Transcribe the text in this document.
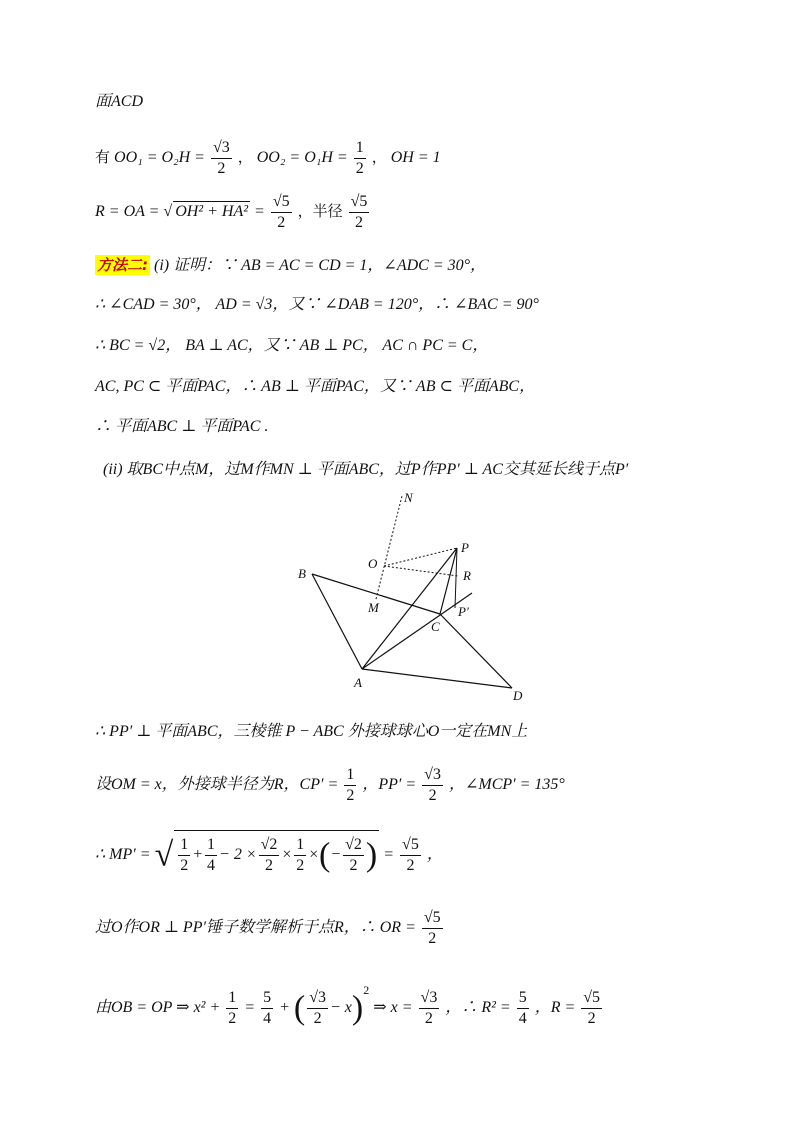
面ACD
有 $OO_1 = O_2H = \frac{√3}{2}$ ， $OO_2 = O_1H = \frac{1}{2}$ ， OH = 1
R = OA = √ $OH^2 + HA^2 = \frac{√5}{2}$ ，半径 $\frac{√5}{2}$
方法二: (i) 证明：∵ AB = AC = CD = 1，∠ADC = 30°，
∴ ∠CAD = 30°， AD = √3，又∵ ∠DAB = 120°，∴ ∠BAC = 90°
∴ BC = √2， BA ⊥ AC，又∵ AB ⊥ PC， AC ∩ PC = C，
AC, PC ⊂ 平面PAC，∴ AB ⊥ 平面PAC，又∵ AB ⊂ 平面ABC，
∴ 平面ABC ⊥ 平面PAC .
(ii) 取BC中点M，过M作MN ⊥ 平面ABC，过P作PP′ ⊥ AC交其延长线于点P′
N
O
P
R
B
M
C
P′
A
D
∴ PP′ ⊥ 平面ABC，三棱锥 P − ABC 外接球球心O一定在MN上
设OM = x，外接球半径为R，$CP' = \frac{1}{2}$ ，$PP' = \frac{√3}{2}$ ，∠MCP′ = 135°
∴ MP′ = √ $\frac{1}{2} + \frac{1}{4} - 2 \times \frac{√2}{2} \times \frac{1}{2}$ ×(− $\frac{√2}{2}$ ) = $\frac{√5}{2}$ ，
过O作OR ⊥ PP′锤子数学解析于点R，∴ OR = $\frac{√5}{2}$
由OB = OP ⇒ $x^2 + \frac{1}{2} = \frac{5}{4}$ + ( $\frac{√3}{2} - x)^2$ ⇒ $x = \frac{√3}{2}$ ，∴ $R^2 = \frac{5}{4}$ ，$R = \frac{√5}{2}$
